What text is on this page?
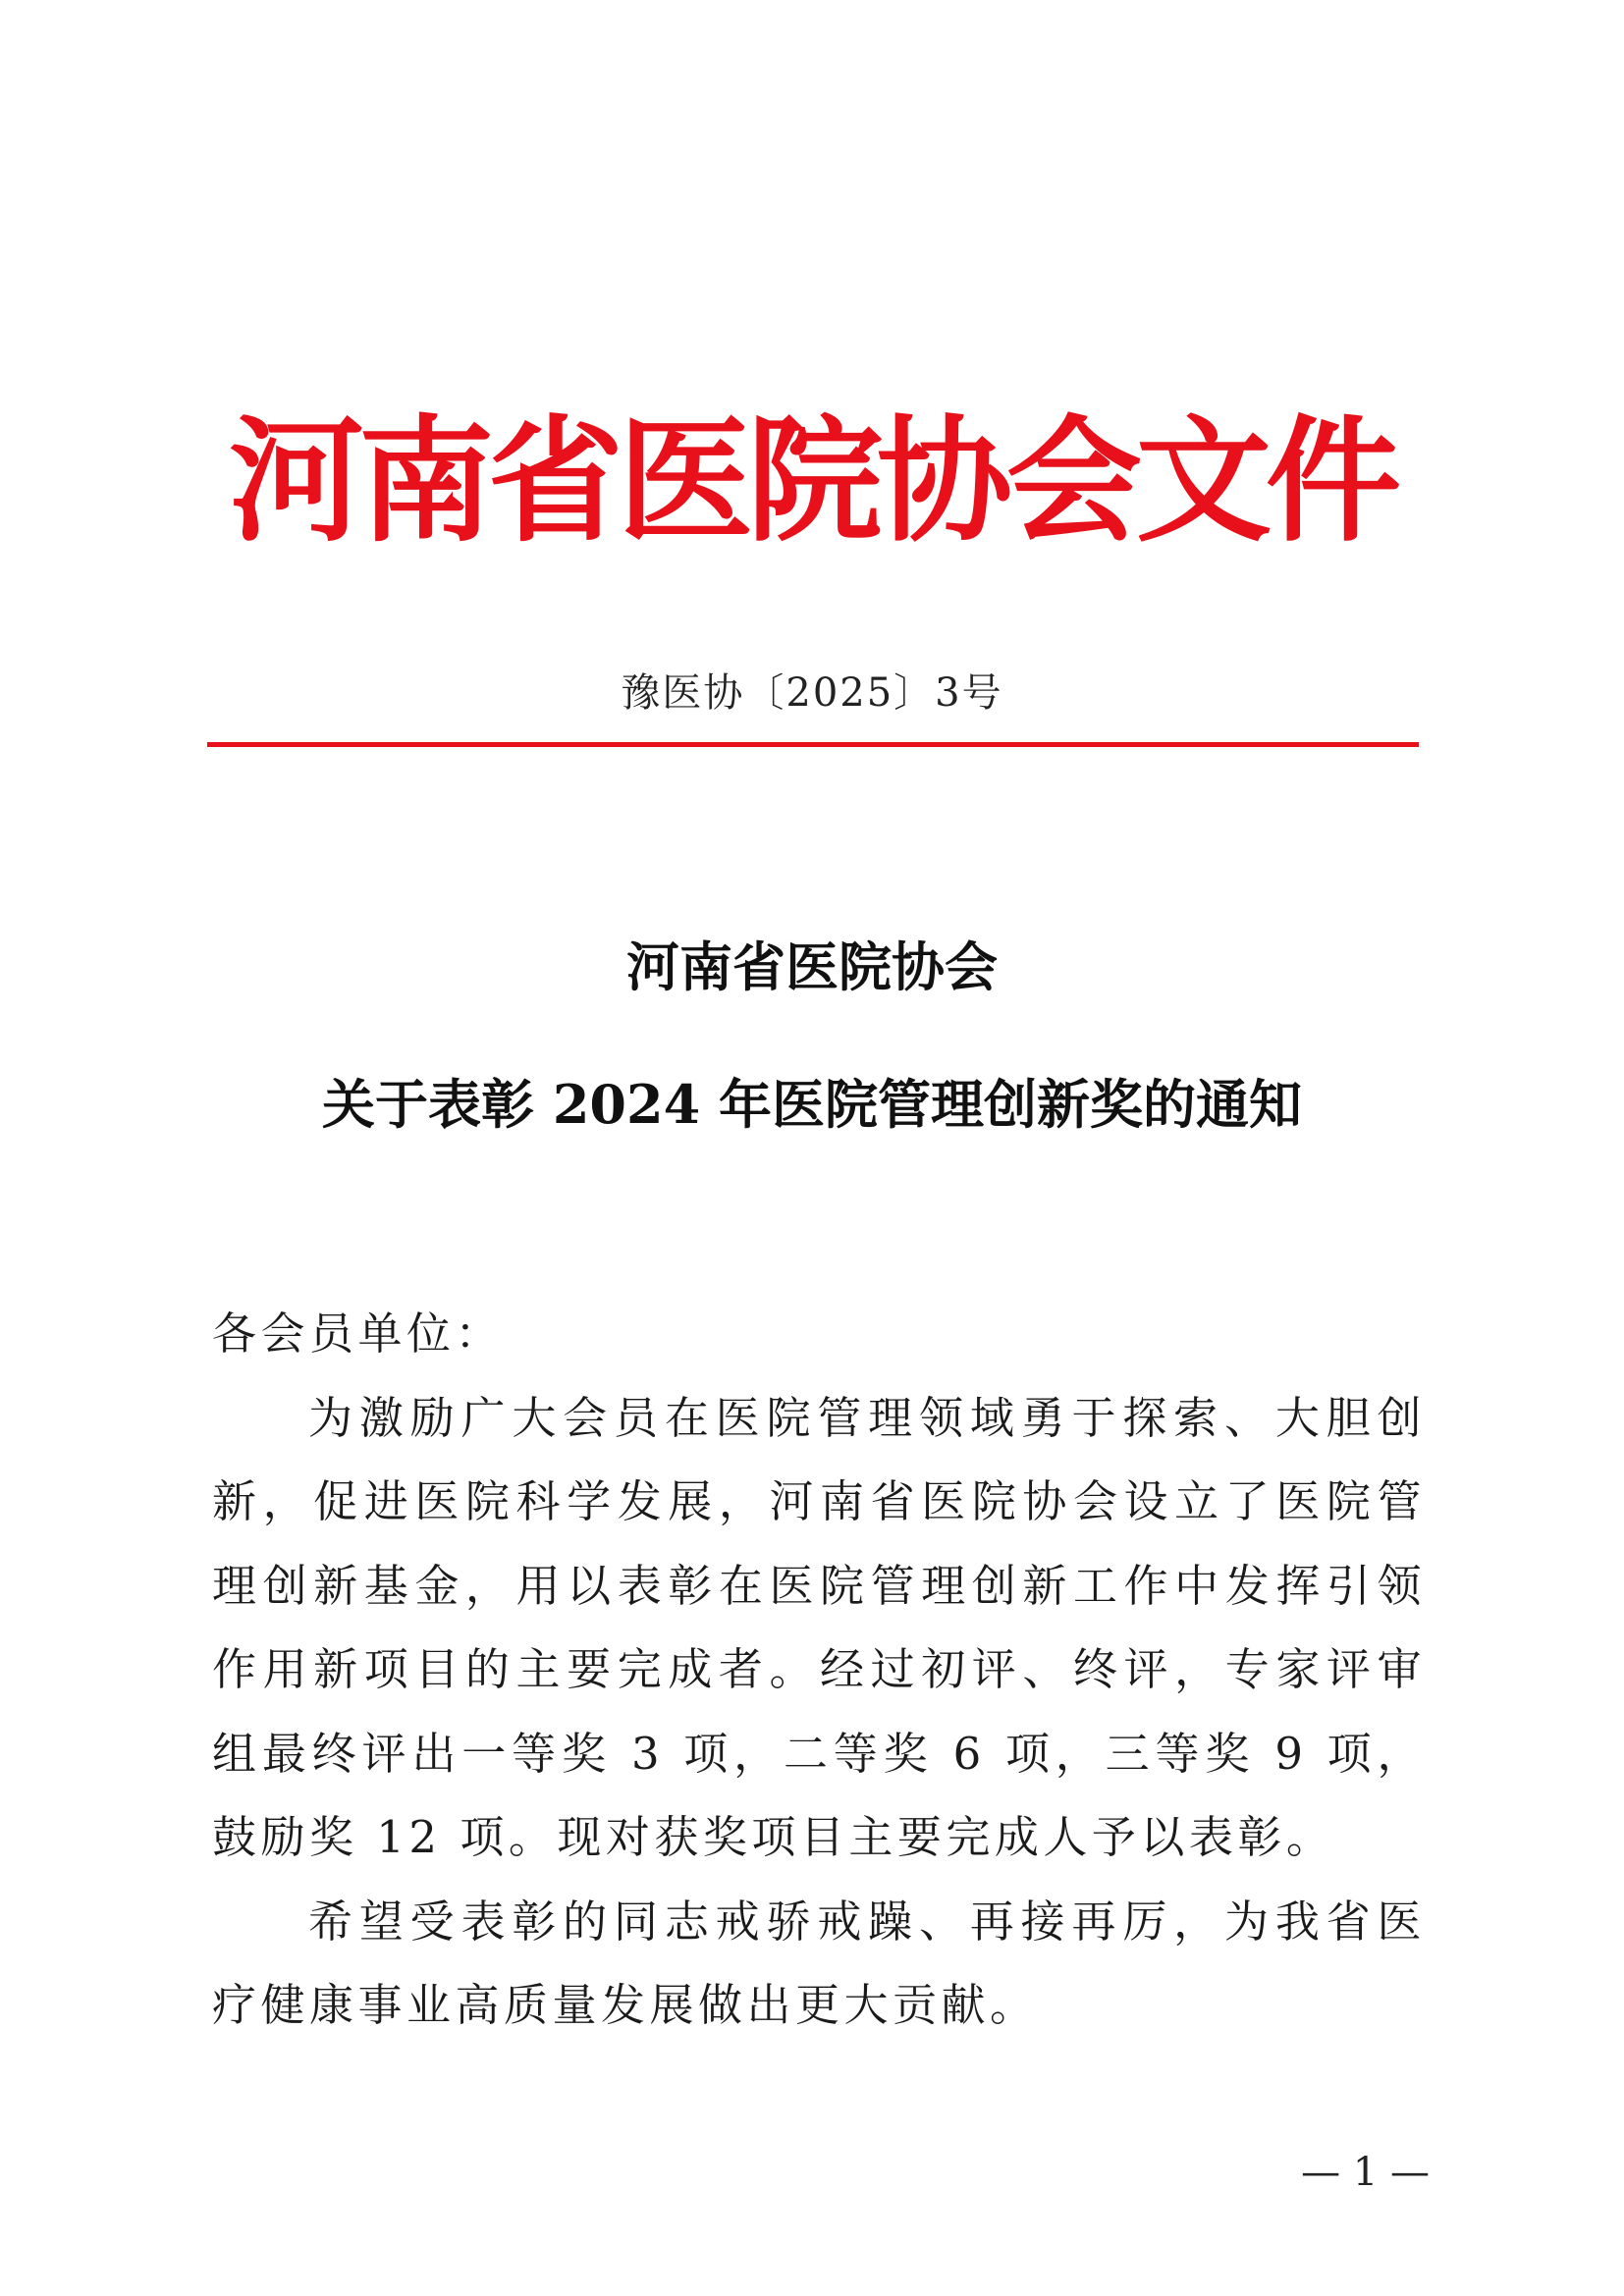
河南省医院协会文件
豫医协〔2025〕3号
河南省医院协会
关于表彰 2024 年医院管理创新奖的通知

各会员单位：

为激励广大会员在医院管理领域勇于探索、大胆创新，促进医院科学发展，河南省医院协会设立了医院管理创新基金，用以表彰在医院管理创新工作中发挥引领作用新项目的主要完成者。经过初评、终评，专家评审组最终评出一等奖 3 项，二等奖 6 项，三等奖 9 项，鼓励奖 12 项。现对获奖项目主要完成人予以表彰。

希望受表彰的同志戒骄戒躁、再接再厉，为我省医疗健康事业高质量发展做出更大贡献。

— 1 —
